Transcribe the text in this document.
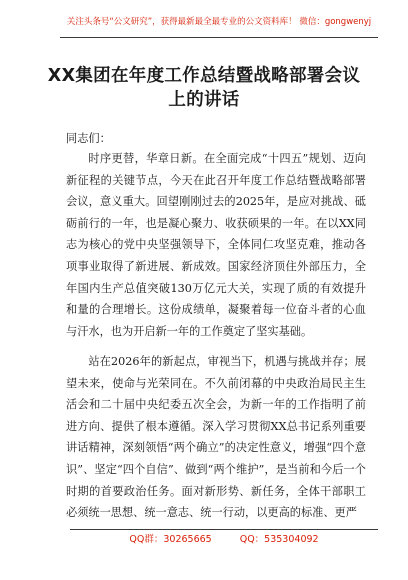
关注头条号“公文研究”，获得最新最全最专业的公文资料库！ 微信：gongwenyj
XX集团在年度工作总结暨战略部署会议
上的讲话
同志们：

时序更替，华章日新。在全面完成“十四五”规划、迈向新征程的关键节点，今天在此召开年度工作总结暨战略部署会议，意义重大。回望刚刚过去的2025年，是应对挑战、砥砺前行的一年，也是凝心聚力、收获硕果的一年。在以XX同志为核心的党中央坚强领导下，全体同仁攻坚克难，推动各项事业取得了新进展、新成效。国家经济顶住外部压力，全年国内生产总值突破130万亿元大关，实现了质的有效提升和量的合理增长。这份成绩单，凝聚着每一位奋斗者的心血与汗水，也为开启新一年的工作奠定了坚实基础。

站在2026年的新起点，审视当下，机遇与挑战并存；展望未来，使命与光荣同在。不久前闭幕的中央政治局民主生活会和二十届中央纪委五次全会，为新一年的工作指明了前进方向、提供了根本遵循。深入学习贯彻XX总书记系列重要讲话精神，深刻领悟“两个确立”的决定性意义，增强“四个意识”、坚定“四个自信”、做到“两个维护”，是当前和今后一个时期的首要政治任务。面对新形势、新任务，全体干部职工必须统一思想、统一意志、统一行动，以更高的标准、更严

QQ群：30265665	QQ：535304092
